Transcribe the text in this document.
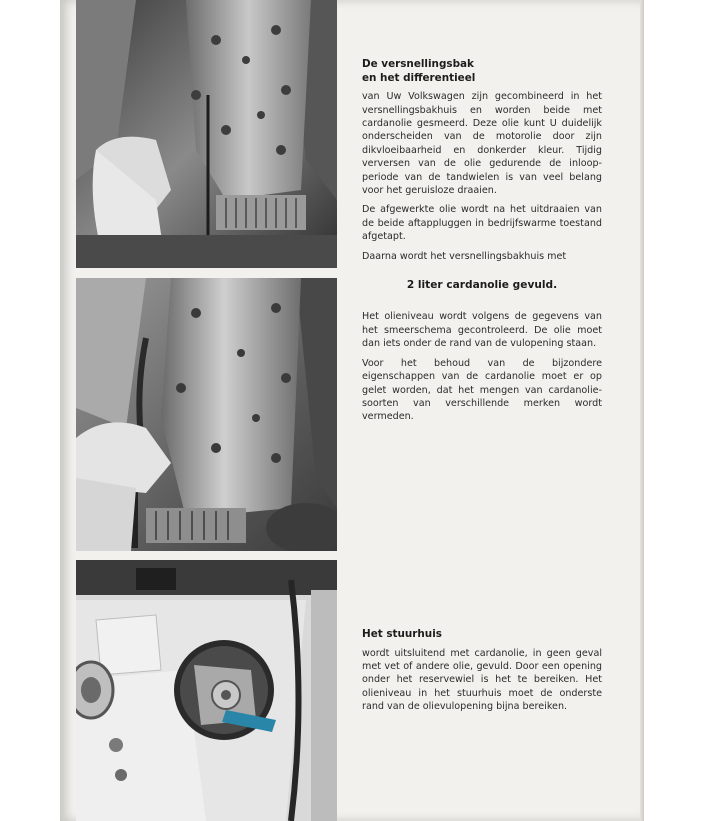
De versnellingsbak
en het differentieel

van Uw Volkswagen zijn gecombineerd in het versnellingsbakhuis en worden beide met cardanolie gesmeerd. Deze olie kunt U duidelijk onderscheiden van de motorolie door zijn dikvloeibaarheid en donkerder kleur. Tijdig verversen van de olie gedurende de inloop-periode van de tandwielen is van veel belang voor het geruisloze draaien.

De afgewerkte olie wordt na het uitdraaien van de beide aftappluggen in bedrijfswarme toestand afgetapt.

Daarna wordt het versnellingsbakhuis met

2 liter cardanolie gevuld.

Het olieniveau wordt volgens de gegevens van het smeerschema gecontroleerd. De olie moet dan iets onder de rand van de vulopening staan.

Voor het behoud van de bijzondere eigenschappen van de cardanolie moet er op gelet worden, dat het mengen van cardanolie-soorten van verschillende merken wordt vermeden.

Het stuurhuis

wordt uitsluitend met cardanolie, in geen geval met vet of andere olie, gevuld. Door een opening onder het reservewiel is het te bereiken. Het olieniveau in het stuurhuis moet de onderste rand van de olievulopening bijna bereiken.
